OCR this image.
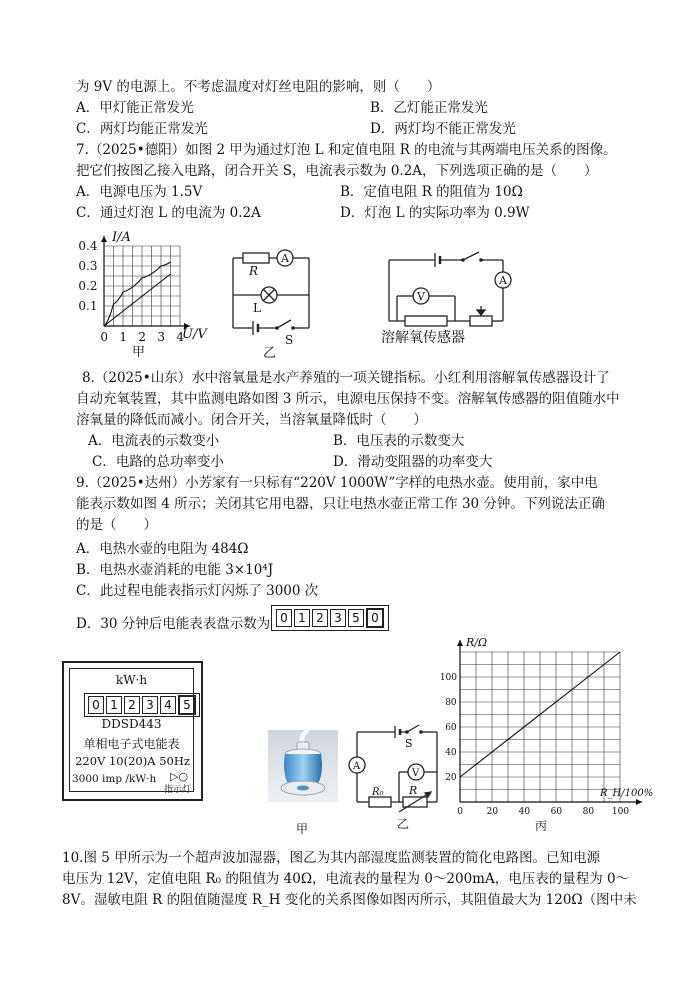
为 9V 的电源上。不考虑温度对灯丝电阻的影响，则（　　）
A．甲灯能正常发光	B．乙灯能正常发光
C．两灯均能正常发光	D．两灯均不能正常发光
7.（2025•德阳）如图 2 甲为通过灯泡 L 和定值电阻 R 的电流与其两端电压关系的图像。
把它们按图乙接入电路，闭合开关 S，电流表示数为 0.2A，下列选项正确的是（　　）
A．电源电压为 1.5V	B．定值电阻 R 的阻值为 10Ω
C．通过灯泡 L 的电流为 0.2A	D．灯泡 L 的实际功率为 0.9W
8.（2025•山东）水中溶氧量是水产养殖的一项关键指标。小红利用溶解氧传感器设计了
自动充氧装置，其中监测电路如图 3 所示，电源电压保持不变。溶解氧传感器的阻值随水中
溶氧量的降低而减小。闭合开关，当溶氧量降低时（　　）
A．电流表的示数变小	B．电压表的示数变大
C．电路的总功率变小	D．滑动变阻器的功率变大
9.（2025•达州）小芳家有一只标有“220V 1000W”字样的电热水壶。使用前，家中电
能表示数如图 4 所示；关闭其它用电器，只让电热水壶正常工作 30 分钟。下列说法正确
的是（　　）
A．电热水壶的电阻为 484Ω
B．电热水壶消耗的电能 3×10⁴J
C．此过程电能表指示灯闪烁了 3000 次
D．30 分钟后电能表表盘示数为 0 1 2 3 5 0
10.图 5 甲所示为一个超声波加湿器，图乙为其内部湿度监测装置的简化电路图。已知电源
电压为 12V，定值电阻 R₀ 的阻值为 40Ω，电流表的量程为 0～200mA，电压表的量程为 0～
8V。湿敏电阻 R 的阻值随湿度 R_H 变化的关系图像如图丙所示，其阻值最大为 120Ω（图中未
0 1 2 3 4
0.1
0.2
0.3
0.4
I/A
U/V
甲
A
R
L
S
乙
A
V
溶解氧传感器
kW·h
0 1 2 3 4 5
DDSD443
单相电子式电能表
220V 10(20)A 50Hz
3000 imp /kW·h ▷○
指示灯
甲
S
A
V
R₀ R
乙
0	20 40 60 80 100
20
40
60
80
100
R/Ω
R_H/100%
丙
